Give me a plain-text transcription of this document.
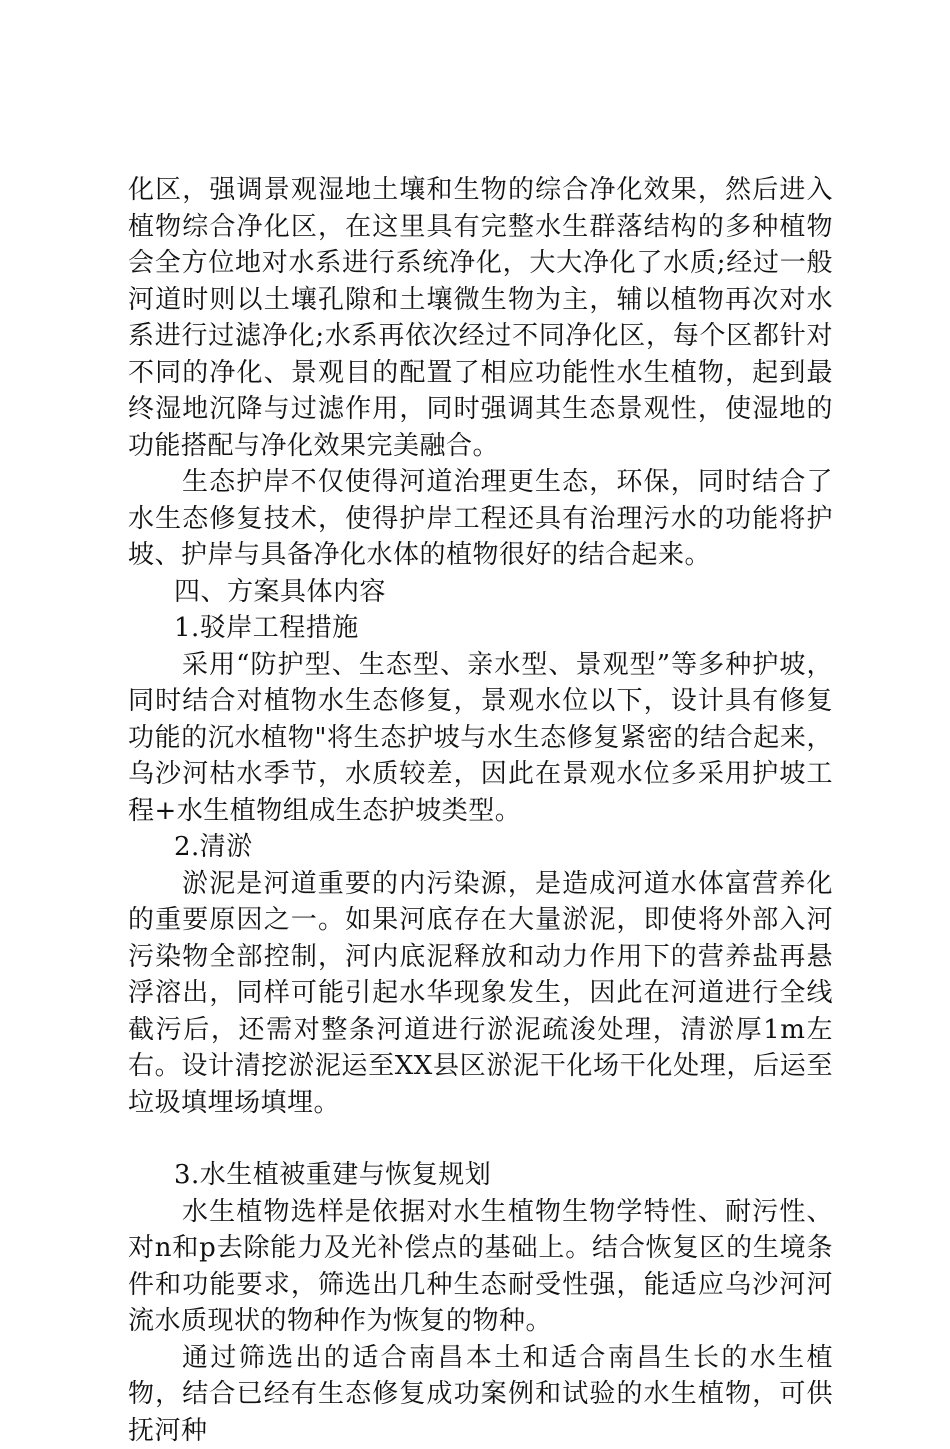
化区，强调景观湿地土壤和生物的综合净化效果，然后进入植物综合净化区，在这里具有完整水生群落结构的多种植物会全方位地对水系进行系统净化，大大净化了水质;经过一般河道时则以土壤孔隙和土壤微生物为主，辅以植物再次对水系进行过滤净化;水系再依次经过不同净化区，每个区都针对不同的净化、景观目的配置了相应功能性水生植物，起到最终湿地沉降与过滤作用，同时强调其生态景观性，使湿地的功能搭配与净化效果完美融合。

生态护岸不仅使得河道治理更生态，环保，同时结合了水生态修复技术，使得护岸工程还具有治理污水的功能将护坡、护岸与具备净化水体的植物很好的结合起来。

四、方案具体内容

1.驳岸工程措施

采用“防护型、生态型、亲水型、景观型”等多种护坡，同时结合对植物水生态修复，景观水位以下，设计具有修复功能的沉水植物"将生态护坡与水生态修复紧密的结合起来，乌沙河枯水季节，水质较差，因此在景观水位多采用护坡工程+水生植物组成生态护坡类型。

2.清淤

淤泥是河道重要的内污染源，是造成河道水体富营养化的重要原因之一。如果河底存在大量淤泥，即使将外部入河污染物全部控制，河内底泥释放和动力作用下的营养盐再悬浮溶出，同样可能引起水华现象发生，因此在河道进行全线截污后，还需对整条河道进行淤泥疏浚处理，清淤厚1m左右。设计清挖淤泥运至XX县区淤泥干化场干化处理，后运至垃圾填埋场填埋。

3.水生植被重建与恢复规划

水生植物选样是依据对水生植物生物学特性、耐污性、对n和p去除能力及光补偿点的基础上。结合恢复区的生境条件和功能要求，筛选出几种生态耐受性强，能适应乌沙河河流水质现状的物种作为恢复的物种。

通过筛选出的适合南昌本土和适合南昌生长的水生植物，结合已经有生态修复成功案例和试验的水生植物，可供抚河种
